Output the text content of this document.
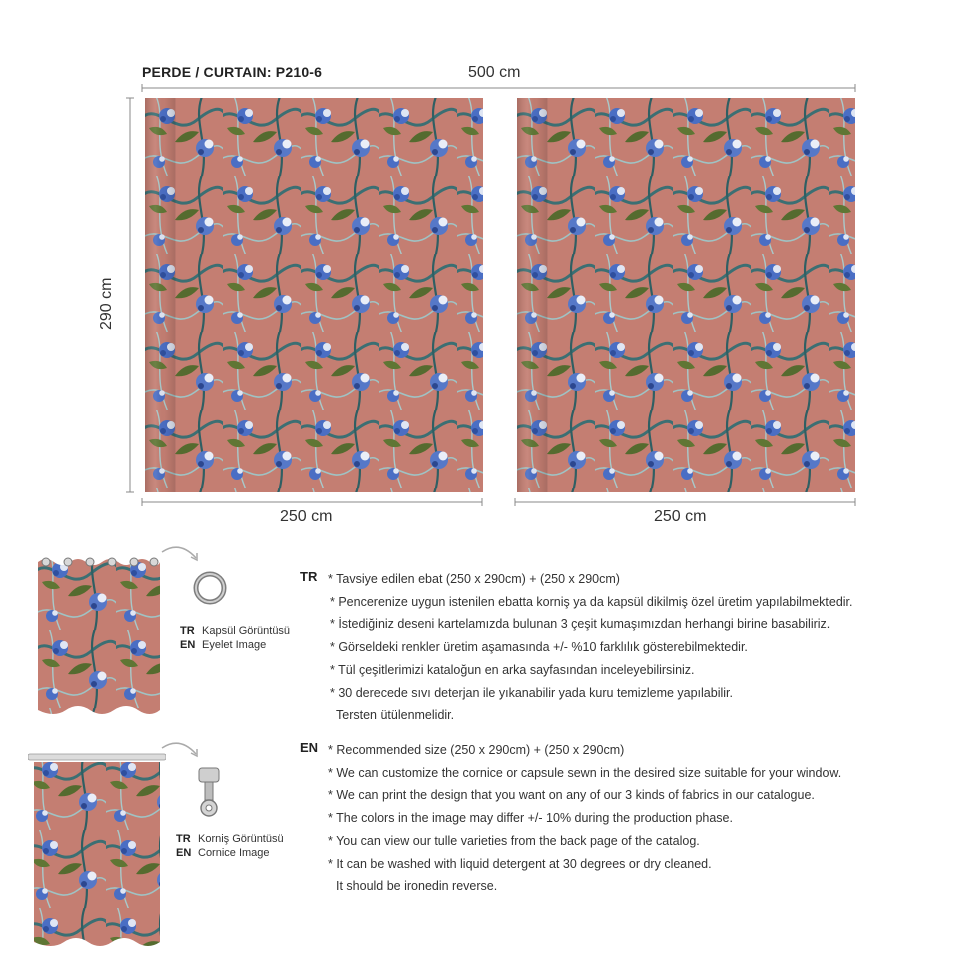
PERDE / CURTAIN: P210-6	500 cm
290 cm
250 cm	250 cm
TR Kapsül Görüntüsü
EN Eyelet Image
TR Korniş Görüntüsü
EN Cornice Image
TR * Tavsiye edilen ebat (250 x 290cm) + (250 x 290cm)
* Pencerenize uygun istenilen ebatta korniş ya da kapsül dikilmiş özel üretim yapılabilmektedir.
* İstediğiniz deseni kartelamızda bulunan 3 çeşit kumaşımızdan herhangi birine basabiliriz.
* Görseldeki renkler üretim aşamasında +/- %10 farklılık gösterebilmektedir.
* Tül çeşitlerimizi kataloğun en arka sayfasından inceleyebilirsiniz.
* 30 derecede sıvı deterjan ile yıkanabilir yada kuru temizleme yapılabilir.
Tersten ütülenmelidir.
EN * Recommended size (250 x 290cm) + (250 x 290cm)
* We can customize the cornice or capsule sewn in the desired size suitable for your window.
* We can print the design that you want on any of our 3 kinds of fabrics in our catalogue.
* The colors in the image may differ +/- 10% during the production phase.
* You can view our tulle varieties from the back page of the catalog.
* It can be washed with liquid detergent at 30 degrees or dry cleaned.
It should be ironedin reverse.
